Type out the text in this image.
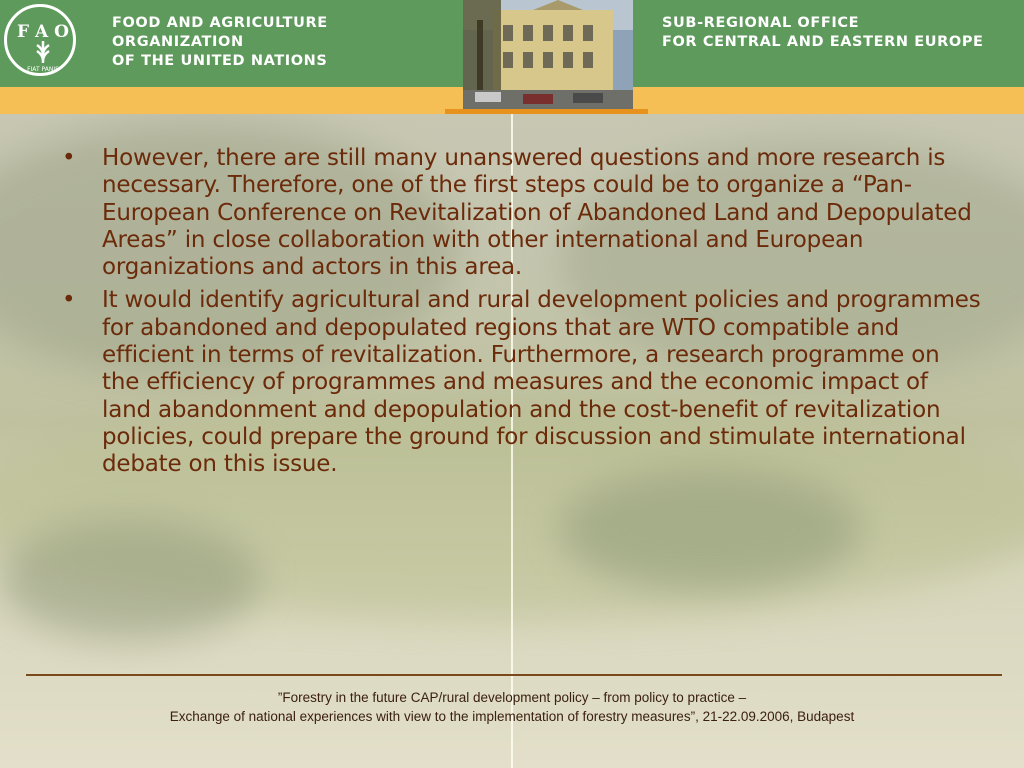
F A O
FIAT PANIS
FOOD AND AGRICULTURE
ORGANIZATION
OF THE UNITED NATIONS
SUB-REGIONAL OFFICE
FOR CENTRAL AND EASTERN EUROPE
• However, there are still many unanswered questions and more research is necessary. Therefore, one of the first steps could be to organize a “Pan-European Conference on Revitalization of Abandoned Land and Depopulated Areas” in close collaboration with other international and European organizations and actors in this area.
• It would identify agricultural and rural development policies and programmes for abandoned and depopulated regions that are WTO compatible and efficient in terms of revitalization. Furthermore, a research programme on the efficiency of programmes and measures and the economic impact of land abandonment and depopulation and the cost-benefit of revitalization policies, could prepare the ground for discussion and stimulate international debate on this issue.
”Forestry in the future CAP/rural development policy – from policy to practice –
Exchange of national experiences with view to the implementation of forestry measures”, 21-22.09.2006, Budapest
